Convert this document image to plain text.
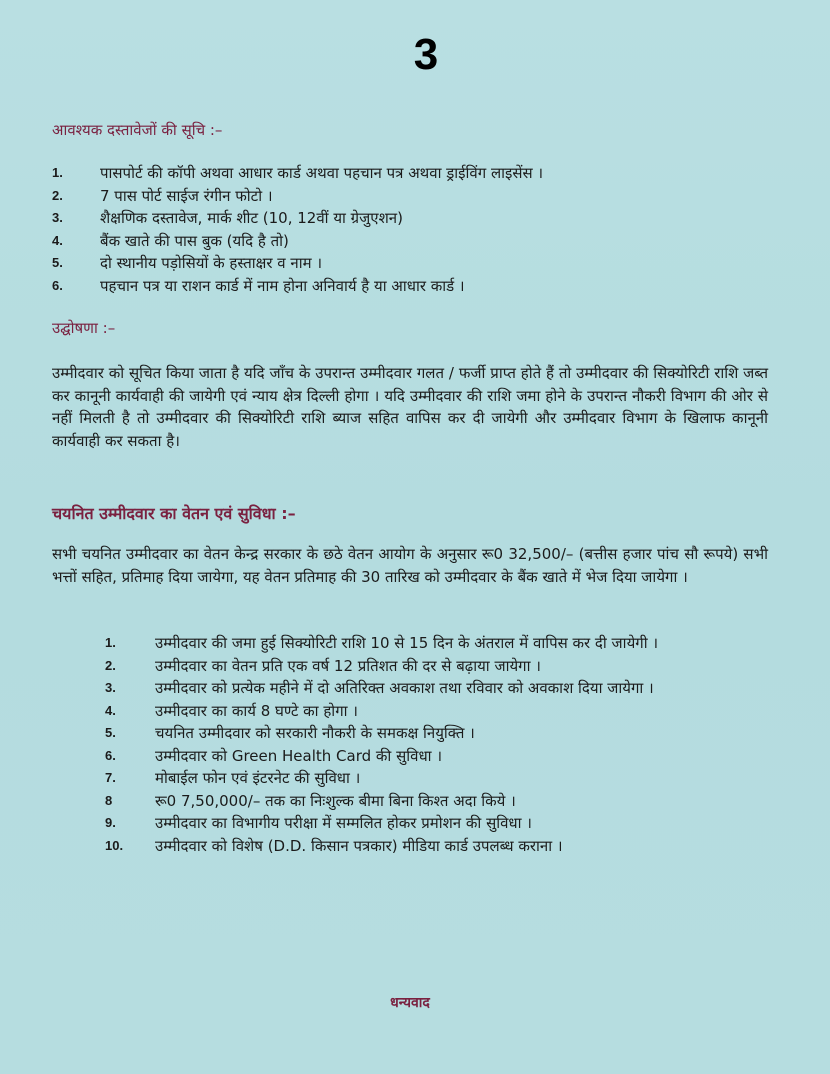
3
आवश्यक दस्तावेजों की सूचि :–
1.	पासपोर्ट की कॉपी अथवा आधार कार्ड अथवा पहचान पत्र अथवा ड्राईविंग लाइसेंस ।
2.	7 पास पोर्ट साईज रंगीन फोटो ।
3.	शैक्षणिक दस्तावेज, मार्क शीट (10, 12वीं या ग्रेजुएशन)
4.	बैंक खाते की पास बुक (यदि है तो)
5.	दो स्थानीय पड़ोसियों के हस्ताक्षर व नाम ।
6.	पहचान पत्र या राशन कार्ड में नाम होना अनिवार्य है या आधार कार्ड ।
उद्घोषणा :–

उम्मीदवार को सूचित किया जाता है यदि जाँच के उपरान्त उम्मीदवार गलत / फर्जी प्राप्त होते हैं तो उम्मीदवार की सिक्योरिटी राशि जब्त कर कानूनी कार्यवाही की जायेगी एवं न्याय क्षेत्र दिल्ली होगा । यदि उम्मीदवार की राशि जमा होने के उपरान्त नौकरी विभाग की ओर से नहीं मिलती है तो उम्मीदवार की सिक्योरिटी राशि ब्याज सहित वापिस कर दी जायेगी और उम्मीदवार विभाग के खिलाफ कानूनी कार्यवाही कर सकता है।

चयनित उम्मीदवार का वेतन एवं सुविधा :–

सभी चयनित उम्मीदवार का वेतन केन्द्र सरकार के छठे वेतन आयोग के अनुसार रू0 32,500/– (बत्तीस हजार पांच सौ रूपये) सभी भत्तों सहित, प्रतिमाह दिया जायेगा, यह वेतन प्रतिमाह की 30 तारिख को उम्मीदवार के बैंक खाते में भेज दिया जायेगा ।

1.	उम्मीदवार की जमा हुई सिक्योरिटी राशि 10 से 15 दिन के अंतराल में वापिस कर दी जायेगी ।
2.	उम्मीदवार का वेतन प्रति एक वर्ष 12 प्रतिशत की दर से बढ़ाया जायेगा ।
3.	उम्मीदवार को प्रत्येक महीने में दो अतिरिक्त अवकाश तथा रविवार को अवकाश दिया जायेगा ।
4.	उम्मीदवार का कार्य 8 घण्टे का होगा ।
5.	चयनित उम्मीदवार को सरकारी नौकरी के समकक्ष नियुक्ति ।
6.	उम्मीदवार को Green Health Card की सुविधा ।
7.	मोबाईल फोन एवं इंटरनेट की सुविधा ।
8	रू0 7,50,000/– तक का निःशुल्क बीमा बिना किश्त अदा किये ।
9.	उम्मीदवार का विभागीय परीक्षा में सम्मलित होकर प्रमोशन की सुविधा ।
10.	उम्मीदवार को विशेष (D.D. किसान पत्रकार) मीडिया कार्ड उपलब्ध कराना ।
धन्यवाद
